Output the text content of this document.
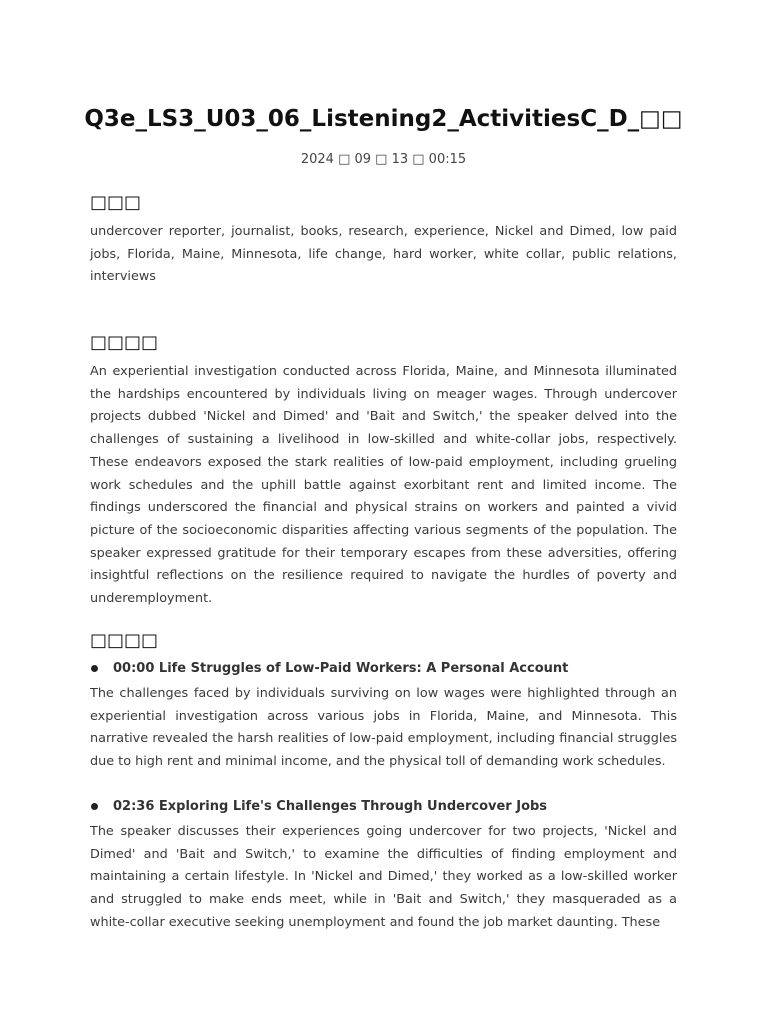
Q3e_LS3_U03_06_Listening2_ActivitiesC_D_□□
2024 □ 09 □ 13 □ 00:15
□□□

undercover reporter, journalist, books, research, experience, Nickel and Dimed, low paid jobs, Florida, Maine, Minnesota, life change, hard worker, white collar, public relations, interviews

□□□□

An experiential investigation conducted across Florida, Maine, and Minnesota illuminated the hardships encountered by individuals living on meager wages. Through undercover projects dubbed 'Nickel and Dimed' and 'Bait and Switch,' the speaker delved into the challenges of sustaining a livelihood in low-skilled and white-collar jobs, respectively. These endeavors exposed the stark realities of low-paid employment, including grueling work schedules and the uphill battle against exorbitant rent and limited income. The findings underscored the financial and physical strains on workers and painted a vivid picture of the socioeconomic disparities affecting various segments of the population. The speaker expressed gratitude for their temporary escapes from these adversities, offering insightful reflections on the resilience required to navigate the hurdles of poverty and underemployment.

□□□□
00:00 Life Struggles of Low-Paid Workers: A Personal Account

The challenges faced by individuals surviving on low wages were highlighted through an experiential investigation across various jobs in Florida, Maine, and Minnesota. This narrative revealed the harsh realities of low-paid employment, including financial struggles due to high rent and minimal income, and the physical toll of demanding work schedules.

02:36 Exploring Life's Challenges Through Undercover Jobs

The speaker discusses their experiences going undercover for two projects, 'Nickel and Dimed' and 'Bait and Switch,' to examine the difficulties of finding employment and maintaining a certain lifestyle. In 'Nickel and Dimed,' they worked as a low-skilled worker and struggled to make ends meet, while in 'Bait and Switch,' they masqueraded as a white-collar executive seeking unemployment and found the job market daunting. These
